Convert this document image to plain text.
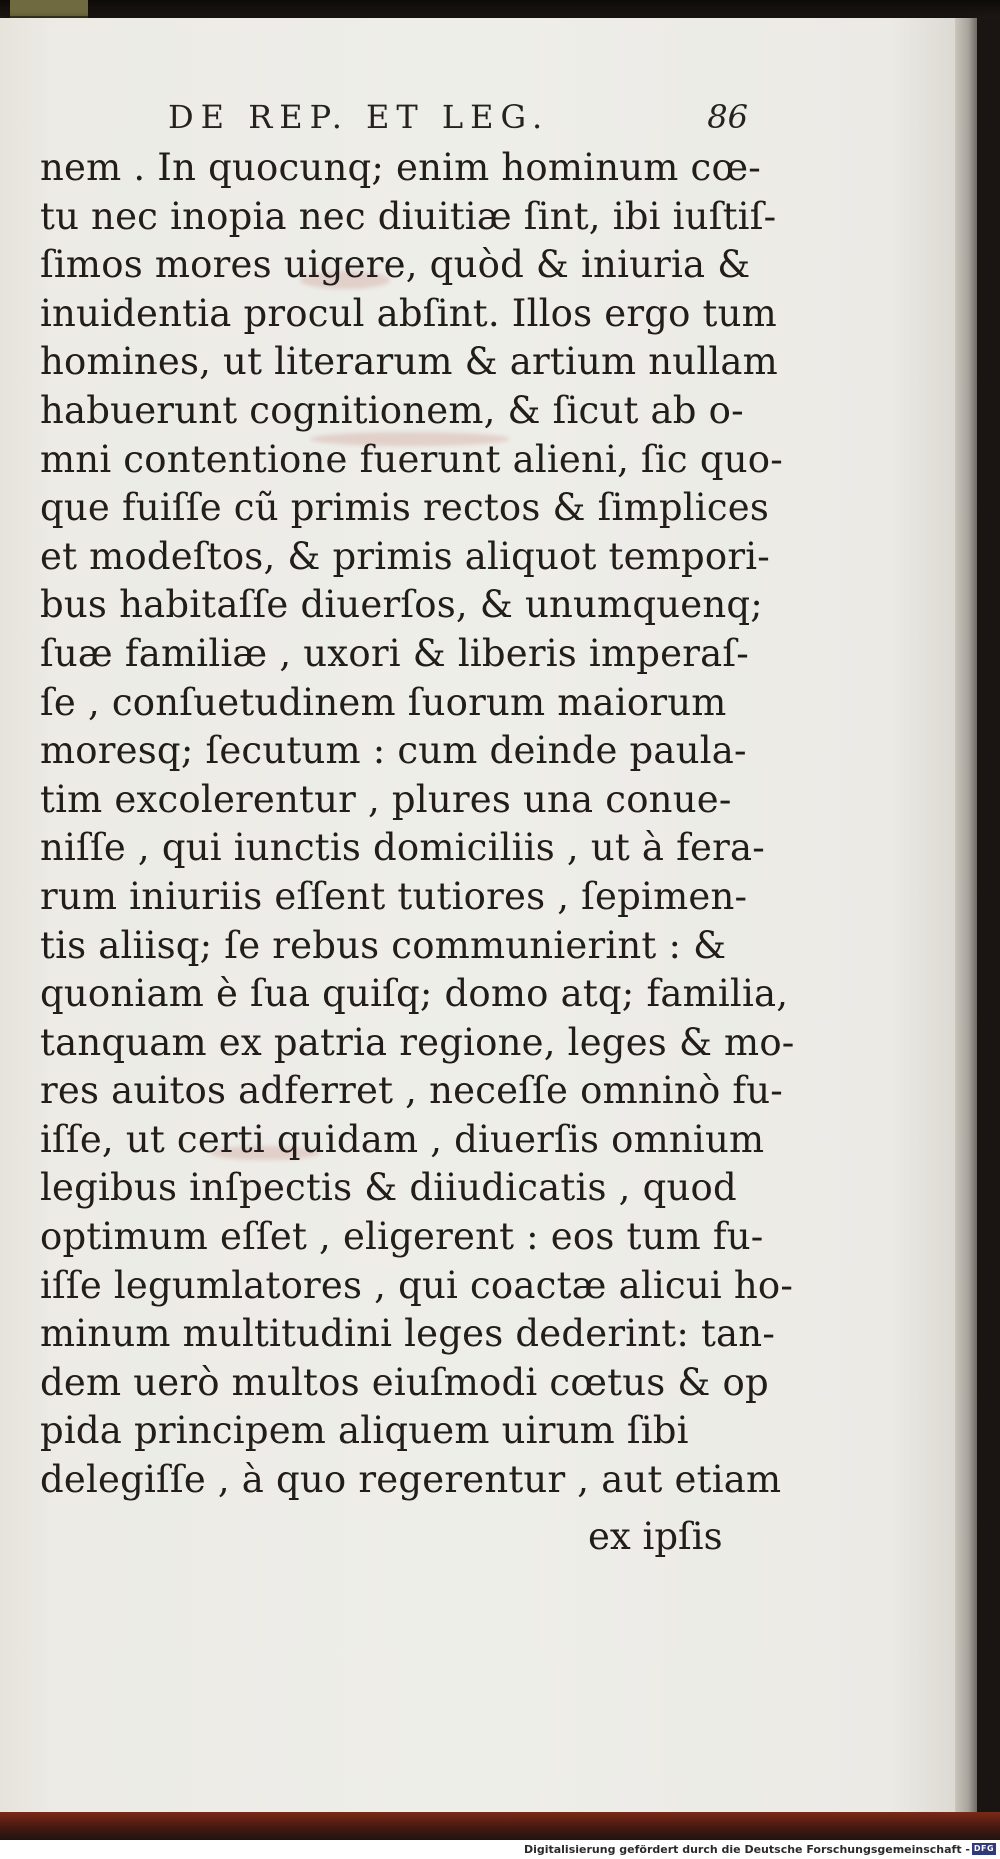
DE REP. ET LEG.	86
nem . In quocunq; enim hominum cœ-
tu nec inopia nec diuitiæ ſint, ibi iuſtiſ-
ſimos mores uigere, quòd & iniuria &
inuidentia procul abſint. Illos ergo tum
homines, ut literarum & artium nullam
habuerunt cognitionem, & ſicut ab o-
mni contentione fuerunt alieni, ſic quo-
que fuiſſe cũ primis rectos & ſimplices
et modeſtos, & primis aliquot tempori-
bus habitaſſe diuerſos, & unumquenq;
ſuæ familiæ , uxori & liberis imperaſ-
ſe , conſuetudinem ſuorum maiorum
moresq; ſecutum : cum deinde paula-
tim excolerentur , plures una conue-
niſſe , qui iunctis domiciliis , ut à fera-
rum iniuriis eſſent tutiores , ſepimen-
tis aliisq; ſe rebus communierint : &
quoniam è ſua quiſq; domo atq; familia,
tanquam ex patria regione, leges & mo-
res auitos adferret , neceſſe omninò fu-
iſſe, ut certi quidam , diuerſis omnium
legibus inſpectis & diiudicatis , quod
optimum eſſet , eligerent : eos tum fu-
iſſe legumlatores , qui coactæ alicui ho-
minum multitudini leges dederint: tan-
dem uerò multos eiuſmodi cœtus & op
pida principem aliquem uirum ſibi
delegiſſe , à quo regerentur , aut etiam
ex ipſis
Digitalisierung gefördert durch die Deutsche Forschungsgemeinschaft - DFG
